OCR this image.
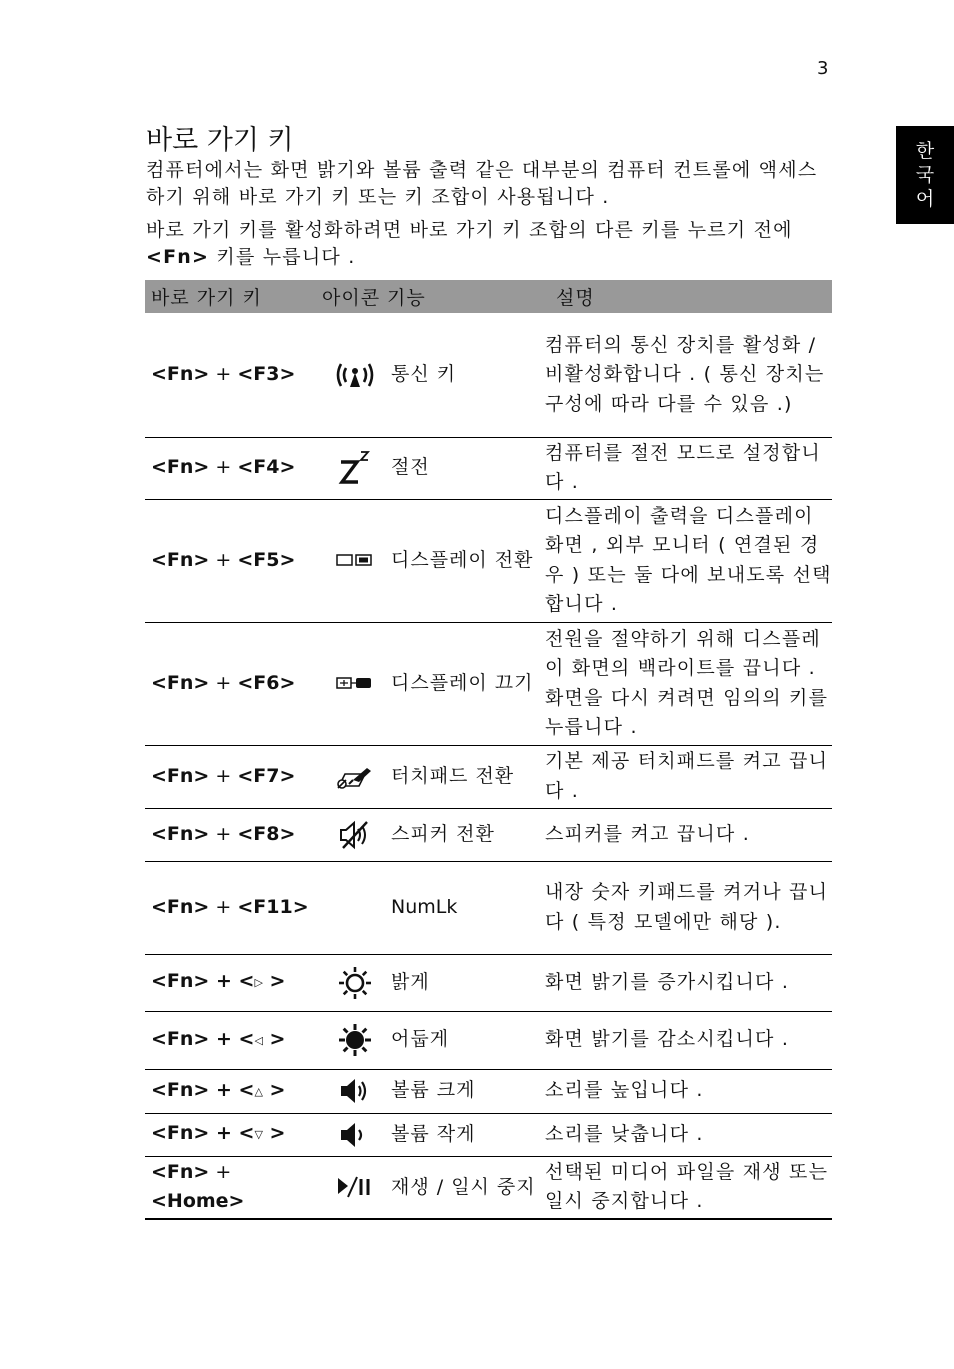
3
한
국
어
바로 가기 키
컴퓨터에서는 화면 밝기와 볼륨 출력 같은 대부분의 컴퓨터 컨트롤에 액세스하기 위해 바로 가기 키 또는 키 조합이 사용됩니다 .
바로 가기 키를 활성화하려면 바로 가기 키 조합의 다른 키를 누르기 전에 <Fn> 키를 누릅니다 .
바로 가기 키	아이콘	기능	설명
<Fn> + <F3>		통신 키	컴퓨터의 통신 장치를 활성화 / 비활성화합니다 . ( 통신 장치는 구성에 따라 다를 수 있음 .)
<Fn> + <F4>		절전	컴퓨터를 절전 모드로 설정합니다 .
<Fn> + <F5>		디스플레이 전환	디스플레이 출력을 디스플레이 화면 , 외부 모니터 ( 연결된 경우 ) 또는 둘 다에 보내도록 선택합니다 .
<Fn> + <F6>		디스플레이 끄기	전원을 절약하기 위해 디스플레이 화면의 백라이트를 끕니다 . 화면을 다시 켜려면 임의의 키를 누릅니다 .
<Fn> + <F7>		터치패드 전환	기본 제공 터치패드를 켜고 끕니다 .
<Fn> + <F8>		스피커 전환	스피커를 켜고 끕니다 .
<Fn> + <F11>		NumLk	내장 숫자 키패드를 켜거나 끕니다 ( 특정 모델에만 해당 ).
<Fn> + <▷ >		밝게	화면 밝기를 증가시킵니다 .
<Fn> + <◁ >		어둡게	화면 밝기를 감소시킵니다 .
<Fn> + <△ >		볼륨 크게	소리를 높입니다 .
<Fn> + <▽ >		볼륨 작게	소리를 낮춥니다 .
<Fn> + <Home>		재생 / 일시 중지	선택된 미디어 파일을 재생 또는 일시 중지합니다 .
